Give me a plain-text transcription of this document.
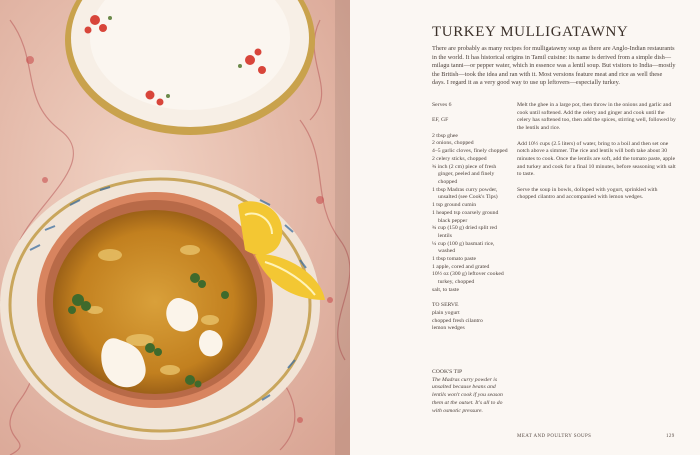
TURKEY MULLIGATAWNY

There are probably as many recipes for mulligatawny soup as there are Anglo-Indian restaurants in the world. It has historical origins in Tamil cuisine: its name is derived from a simple dish—milagu tanni—or pepper water, which in essence was a lentil soup. But visitors to India—mostly the British—took the idea and ran with it. Most versions feature meat and rice as well these days. I regard it as a very good way to use up leftovers—especially turkey.

Serves 6

EF, GF

2 tbsp ghee

2 onions, chopped

4–5 garlic cloves, finely chopped

2 celery sticks, chopped

¾ inch (2 cm) piece of fresh ginger, peeled and finely chopped

1 tbsp Madras curry powder, unsalted (see Cook's Tips)

1 tsp ground cumin

1 heaped tsp coarsely ground black pepper

¾ cup (150 g) dried split red lentils

¼ cup (100 g) basmati rice, washed

1 tbsp tomato paste

1 apple, cored and grated

10½ oz (300 g) leftover cooked turkey, chopped

salt, to taste

TO SERVE

plain yogurt

chopped fresh cilantro

lemon wedges

Melt the ghee in a large pot, then throw in the onions and garlic and cook until softened. Add the celery and ginger and cook until the celery has softened too, then add the spices, stirring well, followed by the lentils and rice.

Add 10½ cups (2.5 liters) of water, bring to a boil and then set one notch above a simmer. The rice and lentils will both take about 30 minutes to cook. Once the lentils are soft, add the tomato paste, apple and turkey and cook for a final 10 minutes, before seasoning with salt to taste.

Serve the soup in bowls, dolloped with yogurt, sprinkled with chopped cilantro and accompanied with lemon wedges.

COOK'S TIP

The Madras curry powder is unsalted because beans and lentils won't cook if you season them at the outset. It's all to do with osmotic pressure.

MEAT AND POULTRY SOUPS	129
